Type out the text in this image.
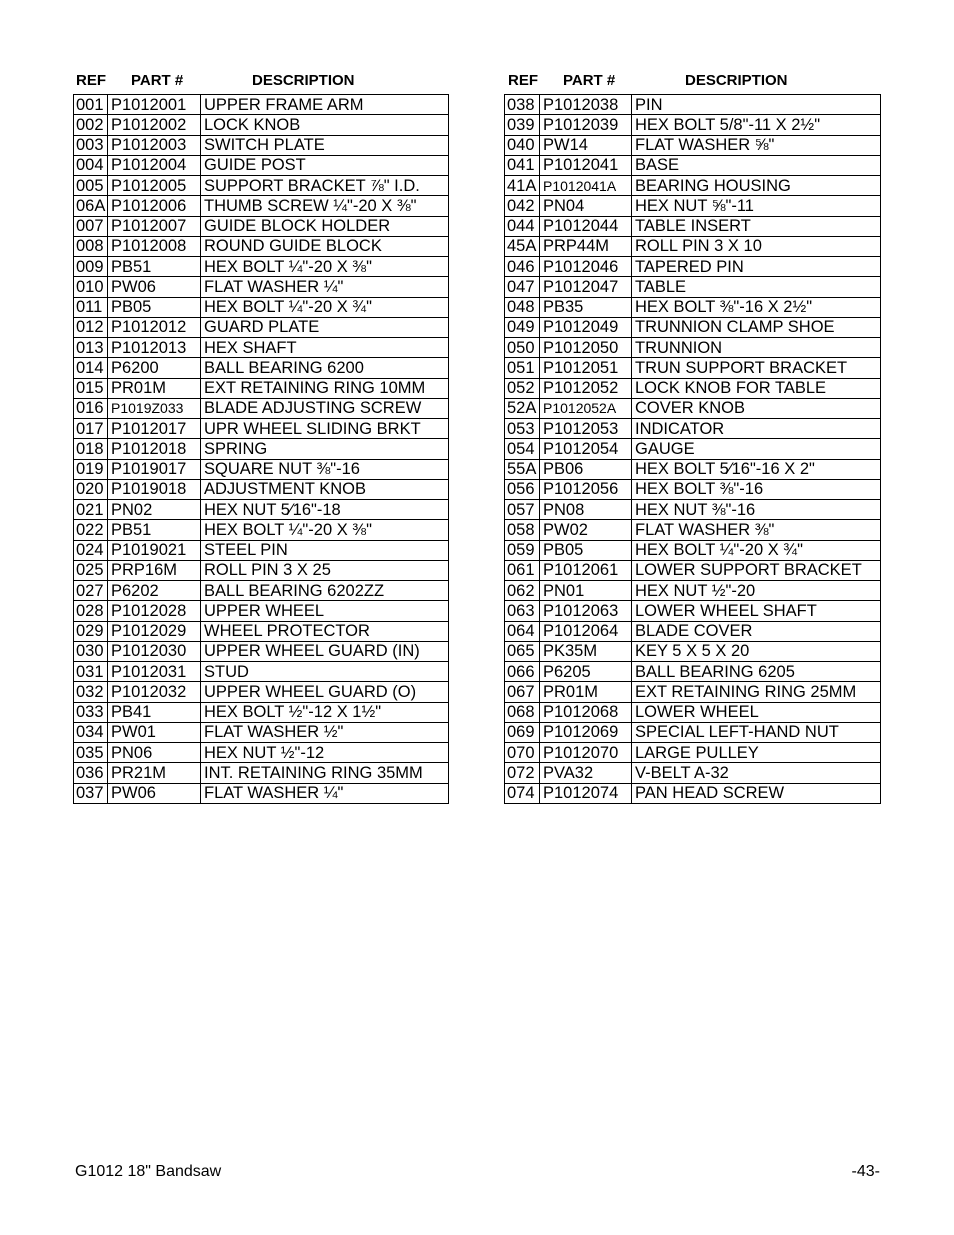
REF PART #	DESCRIPTION
001	P1012001	UPPER FRAME ARM
002	P1012002	LOCK KNOB
003	P1012003	SWITCH PLATE
004	P1012004	GUIDE POST
005	P1012005	SUPPORT BRACKET ⅞" I.D.
06A	P1012006	THUMB SCREW ¼"-20 X ⅜"
007	P1012007	GUIDE BLOCK HOLDER
008	P1012008	ROUND GUIDE BLOCK
009	PB51	HEX BOLT ¼"-20 X ⅜"
010	PW06	FLAT WASHER ¼"
011	PB05	HEX BOLT ¼"-20 X ¾"
012	P1012012	GUARD PLATE
013	P1012013	HEX SHAFT
014	P6200	BALL BEARING 6200
015	PR01M	EXT RETAINING RING 10MM
016	P1019Z033	BLADE ADJUSTING SCREW
017	P1012017	UPR WHEEL SLIDING BRKT
018	P1012018	SPRING
019	P1019017	SQUARE NUT ⅜"-16
020	P1019018	ADJUSTMENT KNOB
021	PN02	HEX NUT 5⁄16"-18
022	PB51	HEX BOLT ¼"-20 X ⅜"
024	P1019021	STEEL PIN
025	PRP16M	ROLL PIN 3 X 25
027	P6202	BALL BEARING 6202ZZ
028	P1012028	UPPER WHEEL
029	P1012029	WHEEL PROTECTOR
030	P1012030	UPPER WHEEL GUARD (IN)
031	P1012031	STUD
032	P1012032	UPPER WHEEL GUARD (O)
033	PB41	HEX BOLT ½"-12 X 1½"
034	PW01	FLAT WASHER ½"
035	PN06	HEX NUT ½"-12
036	PR21M	INT. RETAINING RING 35MM
037	PW06	FLAT WASHER ¼"
REF PART #	DESCRIPTION
038	P1012038	PIN
039	P1012039	HEX BOLT 5/8"-11 X 2½"
040	PW14	FLAT WASHER ⅝"
041	P1012041	BASE
41A	P1012041A	BEARING HOUSING
042	PN04	HEX NUT ⅝"-11
044	P1012044	TABLE INSERT
45A	PRP44M	ROLL PIN 3 X 10
046	P1012046	TAPERED PIN
047	P1012047	TABLE
048	PB35	HEX BOLT ⅜"-16 X 2½"
049	P1012049	TRUNNION CLAMP SHOE
050	P1012050	TRUNNION
051	P1012051	TRUN SUPPORT BRACKET
052	P1012052	LOCK KNOB FOR TABLE
52A	P1012052A	COVER KNOB
053	P1012053	INDICATOR
054	P1012054	GAUGE
55A	PB06	HEX BOLT 5⁄16"-16 X 2"
056	P1012056	HEX BOLT ⅜"-16
057	PN08	HEX NUT ⅜"-16
058	PW02	FLAT WASHER ⅜"
059	PB05	HEX BOLT ¼"-20 X ¾"
061	P1012061	LOWER SUPPORT BRACKET
062	PN01	HEX NUT ½"-20
063	P1012063	LOWER WHEEL SHAFT
064	P1012064	BLADE COVER
065	PK35M	KEY 5 X 5 X 20
066	P6205	BALL BEARING 6205
067	PR01M	EXT RETAINING RING 25MM
068	P1012068	LOWER WHEEL
069	P1012069	SPECIAL LEFT-HAND NUT
070	P1012070	LARGE PULLEY
072	PVA32	V-BELT A-32
074	P1012074	PAN HEAD SCREW
G1012 18" Bandsaw	-43-
